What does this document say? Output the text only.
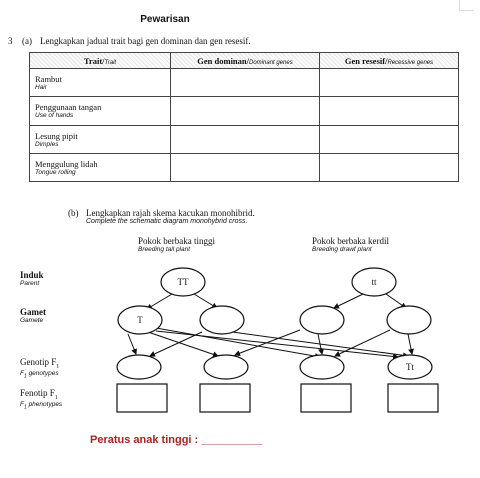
Pewarisan
3 (a) Lengkapkan jadual trait bagi gen dominan dan gen resesif.
Trait/Trait	Gen dominan/Dominant genes	Gen resesif/Recessive genes
Rambut
Hair		

Penggunaan tangan
Use of hands		

Lesung pipit
Dimples		

Menggulung lidah
Tongue rolling		

(b) Lengkapkan rajah skema kacukan monohibrid.
Complete the schematic diagram monohybrid cross.
Pokok berbaka tinggi
Breeding tall plant
Pokok berbaka kerdil
Breeding drawf plant
Induk
Parent
Gamet
Gamete
Genotip $F_1$
$F_1$ genotypes
Fenotip $F_1$
$F_1$ phenotypes
TT	tt
T
Tt
Peratus anak tinggi : __________
